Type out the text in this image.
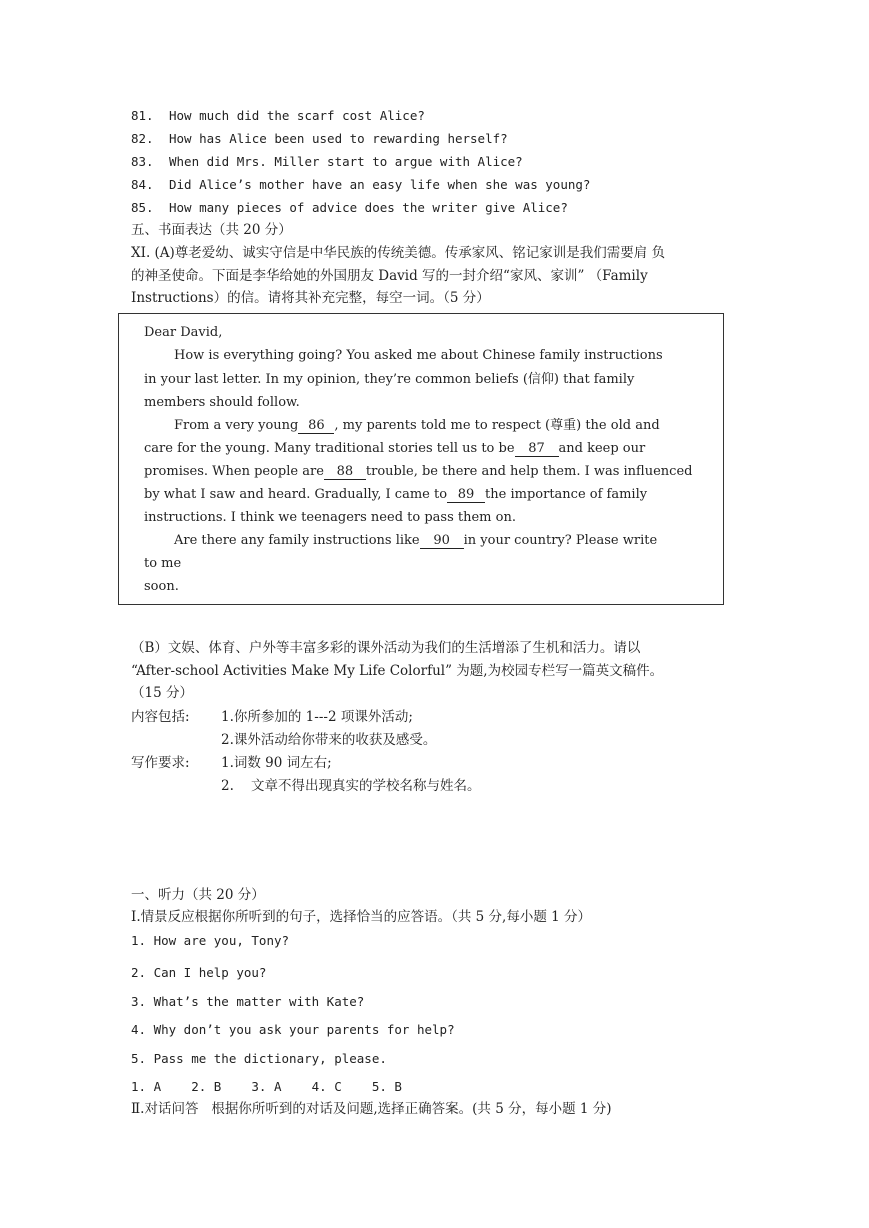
81. How much did the scarf cost Alice?
82. How has Alice been used to rewarding herself?
83. When did Mrs. Miller start to argue with Alice?
84. Did Alice’s mother have an easy life when she was young?
85. How many pieces of advice does the writer give Alice?
五、书面表达（共 20 分）
XI. (A)尊老爱幼、诚实守信是中华民族的传统美德。传承家风、铭记家训是我们需要肩 负
的神圣使命。下面是李华给她的外国朋友 David 写的一封介绍“家风、家训” （Family
Instructions）的信。请将其补充完整，每空一词。（5 分）
Dear David,
How is everything going? You asked me about Chinese family instructions
in your last letter. In my opinion, they’re common beliefs (信仰) that family
members should follow.
From a very young 86 , my parents told me to respect (尊重) the old and
care for the young. Many traditional stories tell us to be 87 and keep our
promises. When people are 88 trouble, be there and help them. I was influenced
by what I saw and heard. Gradually, I came to 89 the importance of family
instructions. I think we teenagers need to pass them on.
Are there any family instructions like 90 in your country? Please write
to me
soon.
（B）文娱、体育、户外等丰富多彩的课外活动为我们的生活增添了生机和活力。请以
“After-school Activities Make My Life Colorful” 为题,为校园专栏写一篇英文稿件。
（15 分）
内容包括: 1.你所参加的 1---2 项课外活动;
2.课外活动给你带来的收获及感受。
写作要求: 1.词数 90 词左右;
2.    文章不得出现真实的学校名称与姓名。
一、听力（共 20 分）
I.情景反应根据你所听到的句子，选择恰当的应答语。（共 5 分,每小题 1 分）
1. How are you, Tony?
2. Can I help you?
3. What’s the matter with Kate?
4. Why don’t you ask your parents for help?
5. Pass me the dictionary, please.
1. A    2. B    3. A    4. C    5. B
Ⅱ.对话问答   根据你所听到的对话及问题,选择正确答案。(共 5 分，每小题 1 分)
